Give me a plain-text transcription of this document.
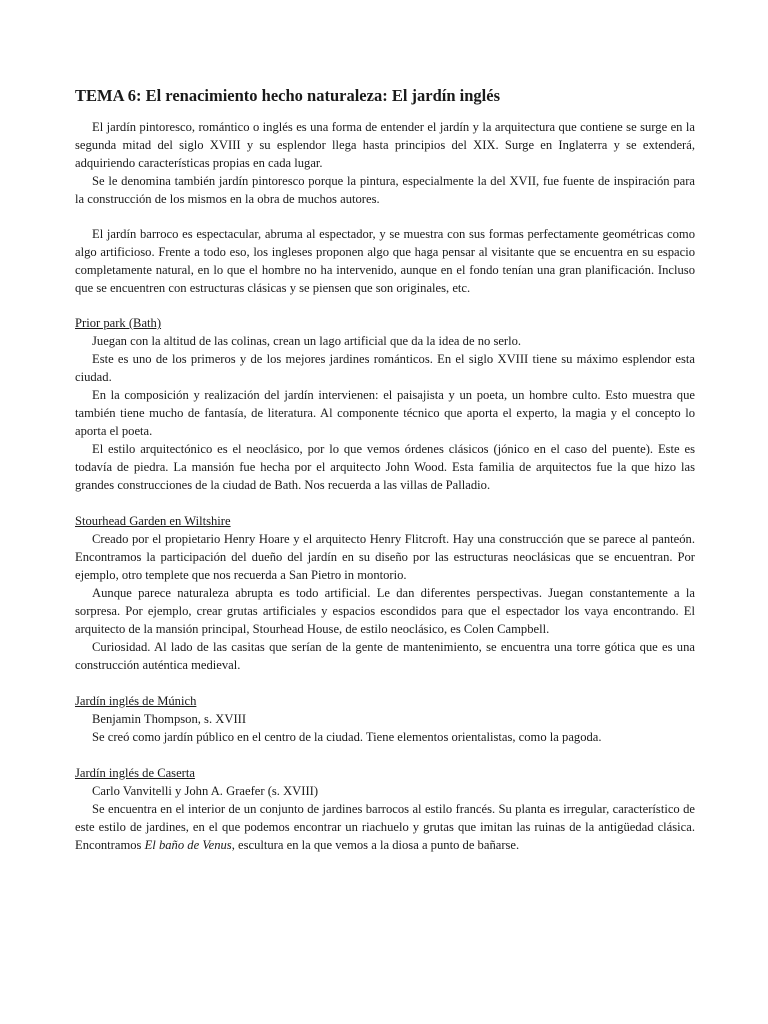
TEMA 6: El renacimiento hecho naturaleza: El jardín inglés

El jardín pintoresco, romántico o inglés es una forma de entender el jardín y la arquitectura que contiene se surge en la segunda mitad del siglo XVIII y su esplendor llega hasta principios del XIX. Surge en Inglaterra y se extenderá, adquiriendo características propias en cada lugar.

Se le denomina también jardín pintoresco porque la pintura, especialmente la del XVII, fue fuente de inspiración para la construcción de los mismos en la obra de muchos autores.

El jardín barroco es espectacular, abruma al espectador, y se muestra con sus formas perfectamente geométricas como algo artificioso. Frente a todo eso, los ingleses proponen algo que haga pensar al visitante que se encuentra en su espacio completamente natural, en lo que el hombre no ha intervenido, aunque en el fondo tenían una gran planificación. Incluso que se encuentren con estructuras clásicas y se piensen que son originales, etc.

Prior park (Bath)

Juegan con la altitud de las colinas, crean un lago artificial que da la idea de no serlo.

Este es uno de los primeros y de los mejores jardines románticos. En el siglo XVIII tiene su máximo esplendor esta ciudad.

En la composición y realización del jardín intervienen: el paisajista y un poeta, un hombre culto. Esto muestra que también tiene mucho de fantasía, de literatura. Al componente técnico que aporta el experto, la magia y el concepto lo aporta el poeta.

El estilo arquitectónico es el neoclásico, por lo que vemos órdenes clásicos (jónico en el caso del puente). Este es todavía de piedra. La mansión fue hecha por el arquitecto John Wood. Esta familia de arquitectos fue la que hizo las grandes construcciones de la ciudad de Bath. Nos recuerda a las villas de Palladio.

Stourhead Garden en Wiltshire

Creado por el propietario Henry Hoare y el arquitecto Henry Flitcroft. Hay una construcción que se parece al panteón. Encontramos la participación del dueño del jardín en su diseño por las estructuras neoclásicas que se encuentran. Por ejemplo, otro templete que nos recuerda a San Pietro in montorio.

Aunque parece naturaleza abrupta es todo artificial. Le dan diferentes perspectivas. Juegan constantemente a la sorpresa. Por ejemplo, crear grutas artificiales y espacios escondidos para que el espectador los vaya encontrando. El arquitecto de la mansión principal, Stourhead House, de estilo neoclásico, es Colen Campbell.

Curiosidad. Al lado de las casitas que serían de la gente de mantenimiento, se encuentra una torre gótica que es una construcción auténtica medieval.

Jardín inglés de Múnich

Benjamin Thompson, s. XVIII

Se creó como jardín público en el centro de la ciudad. Tiene elementos orientalistas, como la pagoda.

Jardín inglés de Caserta

Carlo Vanvitelli y John A. Graefer (s. XVIII)

Se encuentra en el interior de un conjunto de jardines barrocos al estilo francés. Su planta es irregular, característico de este estilo de jardines, en el que podemos encontrar un riachuelo y grutas que imitan las ruinas de la antigüedad clásica. Encontramos El baño de Venus, escultura en la que vemos a la diosa a punto de bañarse.
